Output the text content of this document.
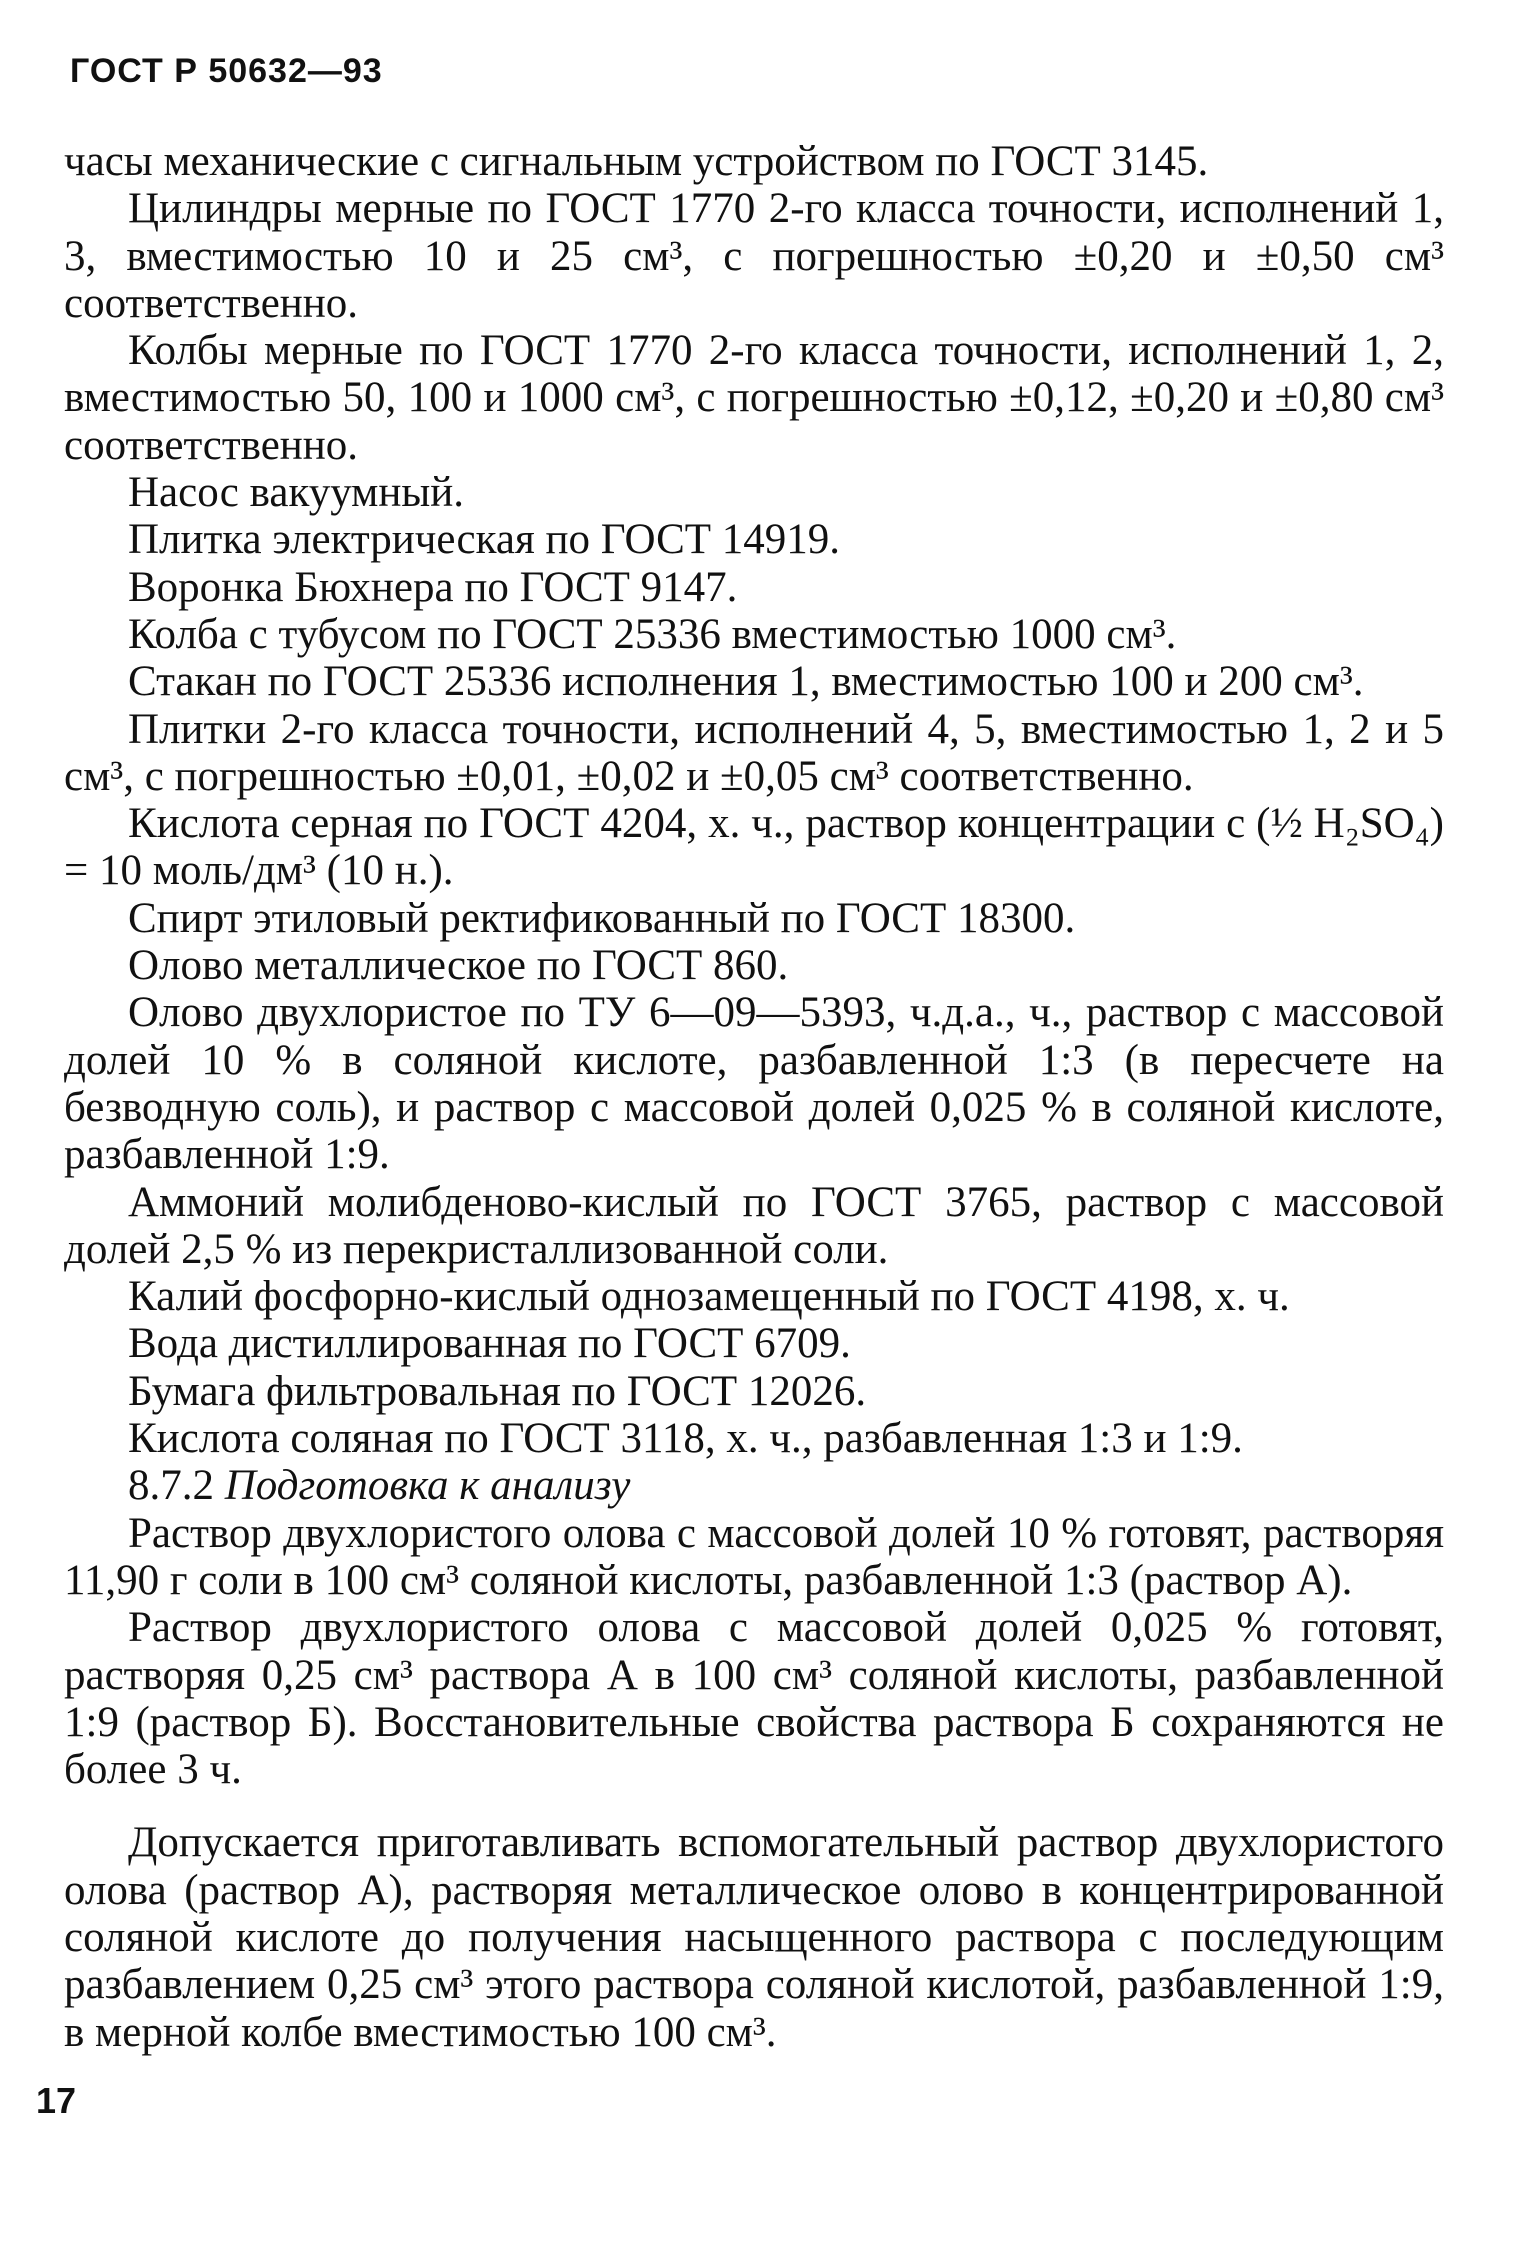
ГОСТ Р 50632—93

часы механические с сигнальным устройством по ГОСТ 3145.

Цилиндры мерные по ГОСТ 1770 2-го класса точности, исполнений 1, 3, вместимостью 10 и 25 см³, с погрешностью ±0,20 и ±0,50 см³ соответственно.

Колбы мерные по ГОСТ 1770 2-го класса точности, исполнений 1, 2, вместимостью 50, 100 и 1000 см³, с погрешностью ±0,12, ±0,20 и ±0,80 см³ соответственно.

Насос вакуумный.

Плитка электрическая по ГОСТ 14919.

Воронка Бюхнера по ГОСТ 9147.

Колба с тубусом по ГОСТ 25336 вместимостью 1000 см³.

Стакан по ГОСТ 25336 исполнения 1, вместимостью 100 и 200 см³.

Плитки 2-го класса точности, исполнений 4, 5, вместимостью 1, 2 и 5 см³, с погрешностью ±0,01, ±0,02 и ±0,05 см³ соответственно.

Кислота серная по ГОСТ 4204, х. ч., раствор концентрации с (½ H₂SO₄) = 10 моль/дм³ (10 н.).

Спирт этиловый ректификованный по ГОСТ 18300.

Олово металлическое по ГОСТ 860.

Олово двухлористое по ТУ 6—09—5393, ч.д.а., ч., раствор с массовой долей 10 % в соляной кислоте, разбавленной 1:3 (в пересчете на безводную соль), и раствор с массовой долей 0,025 % в соляной кислоте, разбавленной 1:9.

Аммоний молибденово-кислый по ГОСТ 3765, раствор с массовой долей 2,5 % из перекристаллизованной соли.

Калий фосфорно-кислый однозамещенный по ГОСТ 4198, х. ч.

Вода дистиллированная по ГОСТ 6709.

Бумага фильтровальная по ГОСТ 12026.

Кислота соляная по ГОСТ 3118, х. ч., разбавленная 1:3 и 1:9.

8.7.2 Подготовка к анализу

Раствор двухлористого олова с массовой долей 10 % готовят, растворяя 11,90 г соли в 100 см³ соляной кислоты, разбавленной 1:3 (раствор А).

Раствор двухлористого олова с массовой долей 0,025 % готовят, растворяя 0,25 см³ раствора А в 100 см³ соляной кислоты, разбавленной 1:9 (раствор Б). Восстановительные свойства раствора Б сохраняются не более 3 ч.

Допускается приготавливать вспомогательный раствор двухлористого олова (раствор А), растворяя металлическое олово в концентрированной соляной кислоте до получения насыщенного раствора с последующим разбавлением 0,25 см³ этого раствора соляной кислотой, разбавленной 1:9, в мерной колбе вместимостью 100 см³.

17
